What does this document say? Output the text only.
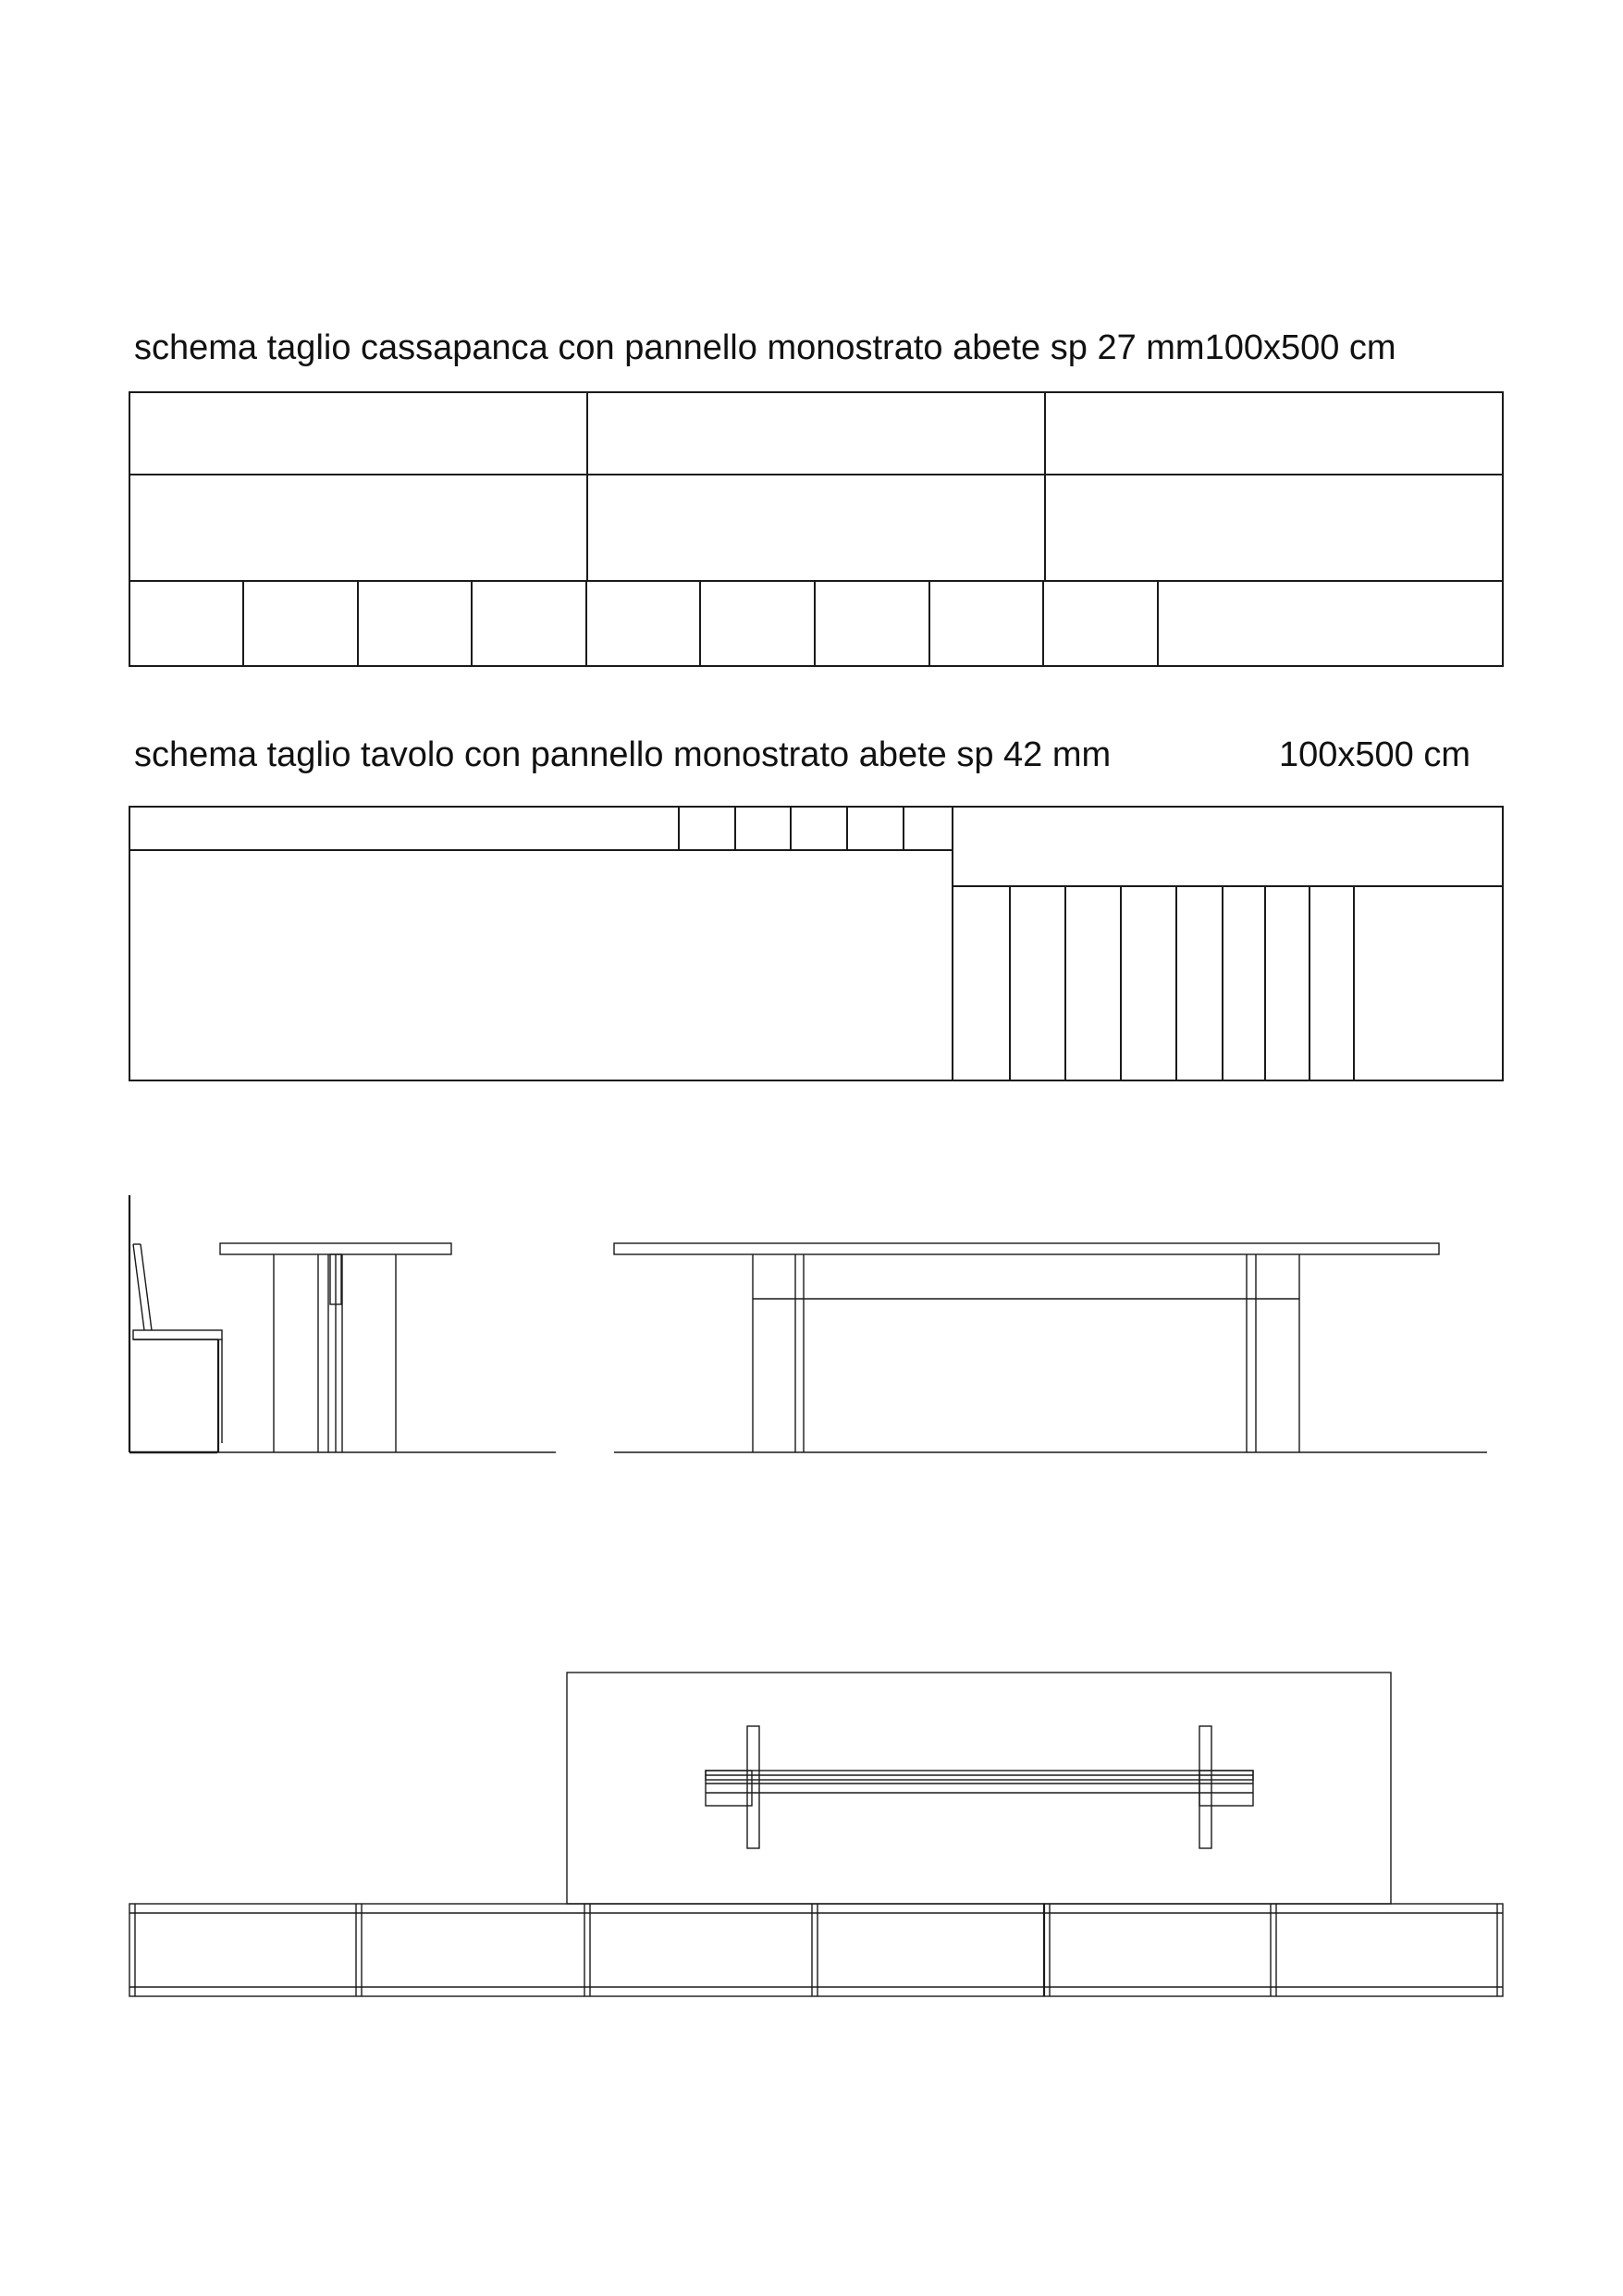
schema taglio cassapanca con pannello monostrato abete sp 27 mm100x500 cm
schema taglio tavolo con pannello monostrato abete sp 42 mm	100x500 cm
